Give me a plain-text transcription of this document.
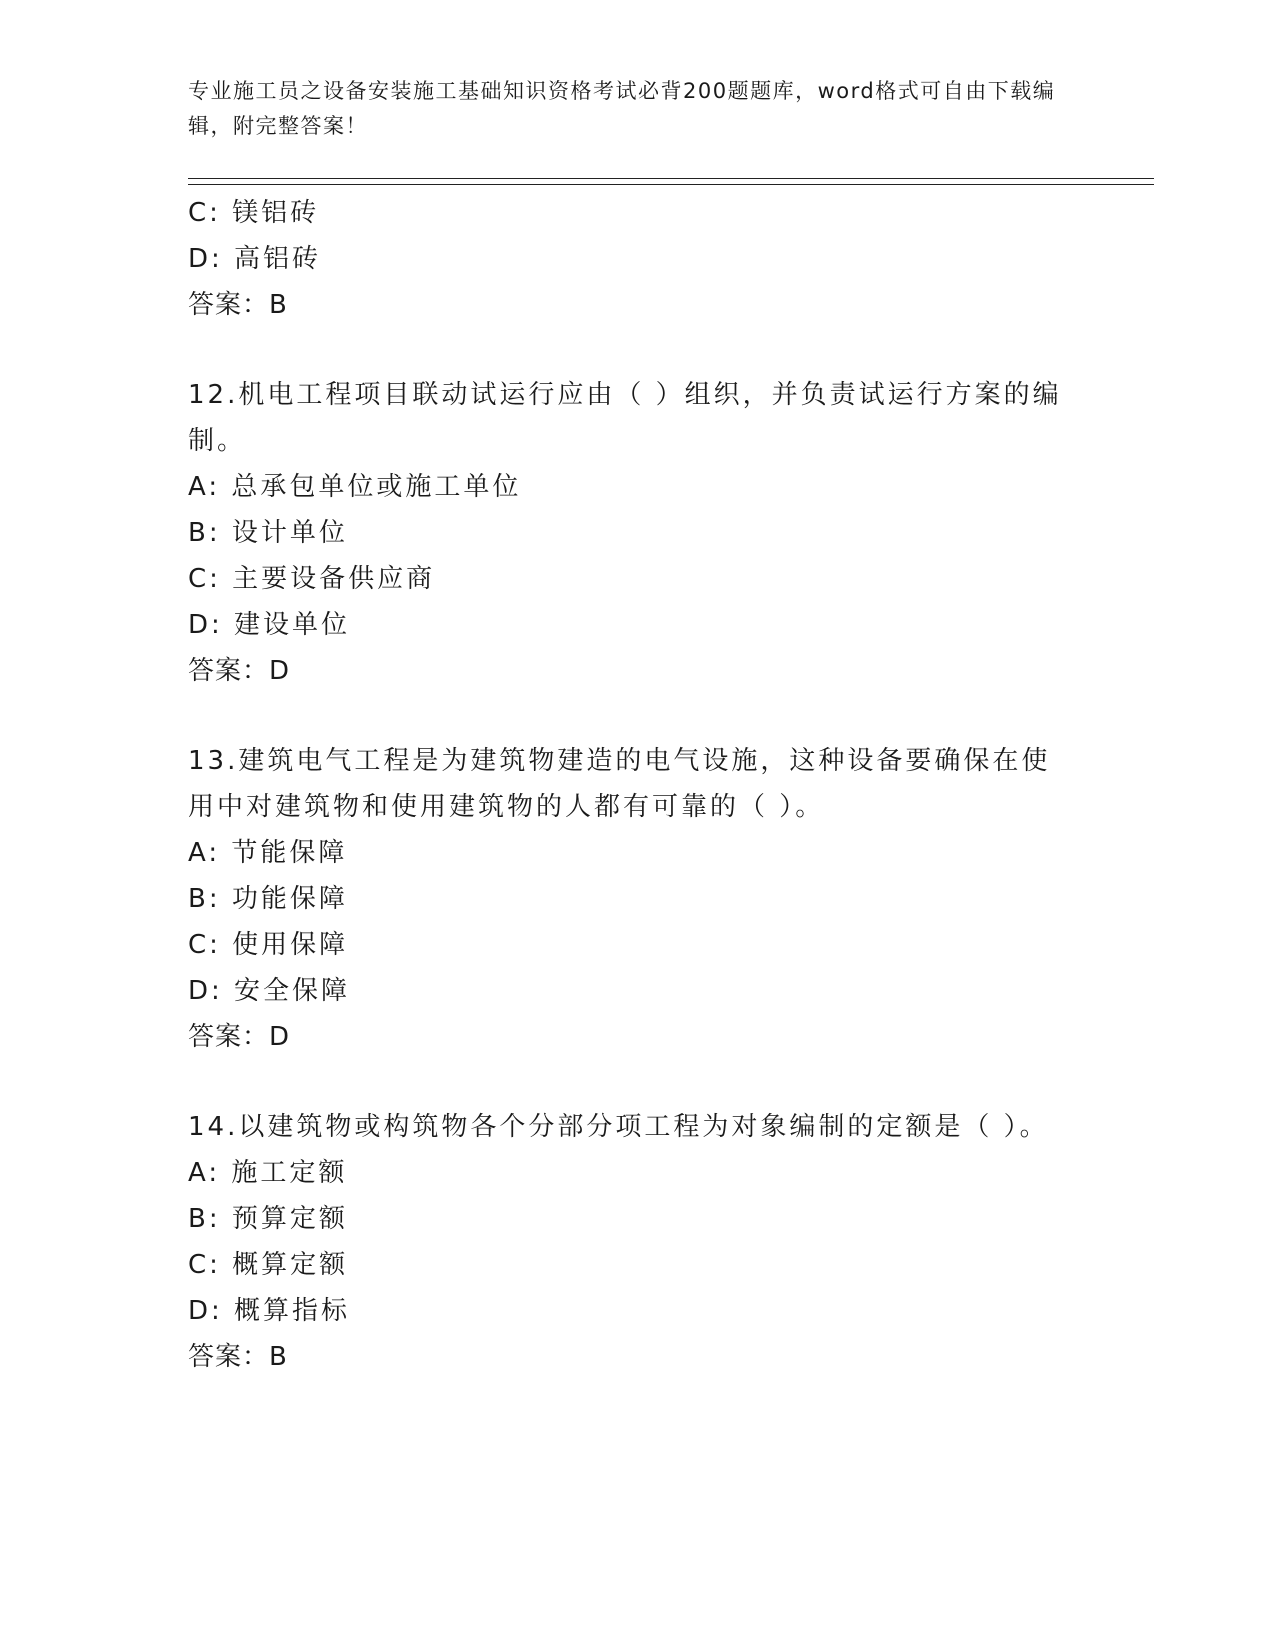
专业施工员之设备安装施工基础知识资格考试必背200题题库，word格式可自由下载编辑，附完整答案！
C: 镁铝砖
D: 高铝砖
答案：B
12.机电工程项目联动试运行应由（ ）组织，并负责试运行方案的编制。
A: 总承包单位或施工单位
B: 设计单位
C: 主要设备供应商
D: 建设单位
答案：D
13.建筑电气工程是为建筑物建造的电气设施，这种设备要确保在使用中对建筑物和使用建筑物的人都有可靠的（ ）。
A: 节能保障
B: 功能保障
C: 使用保障
D: 安全保障
答案：D
14.以建筑物或构筑物各个分部分项工程为对象编制的定额是（ ）。
A: 施工定额
B: 预算定额
C: 概算定额
D: 概算指标
答案：B
